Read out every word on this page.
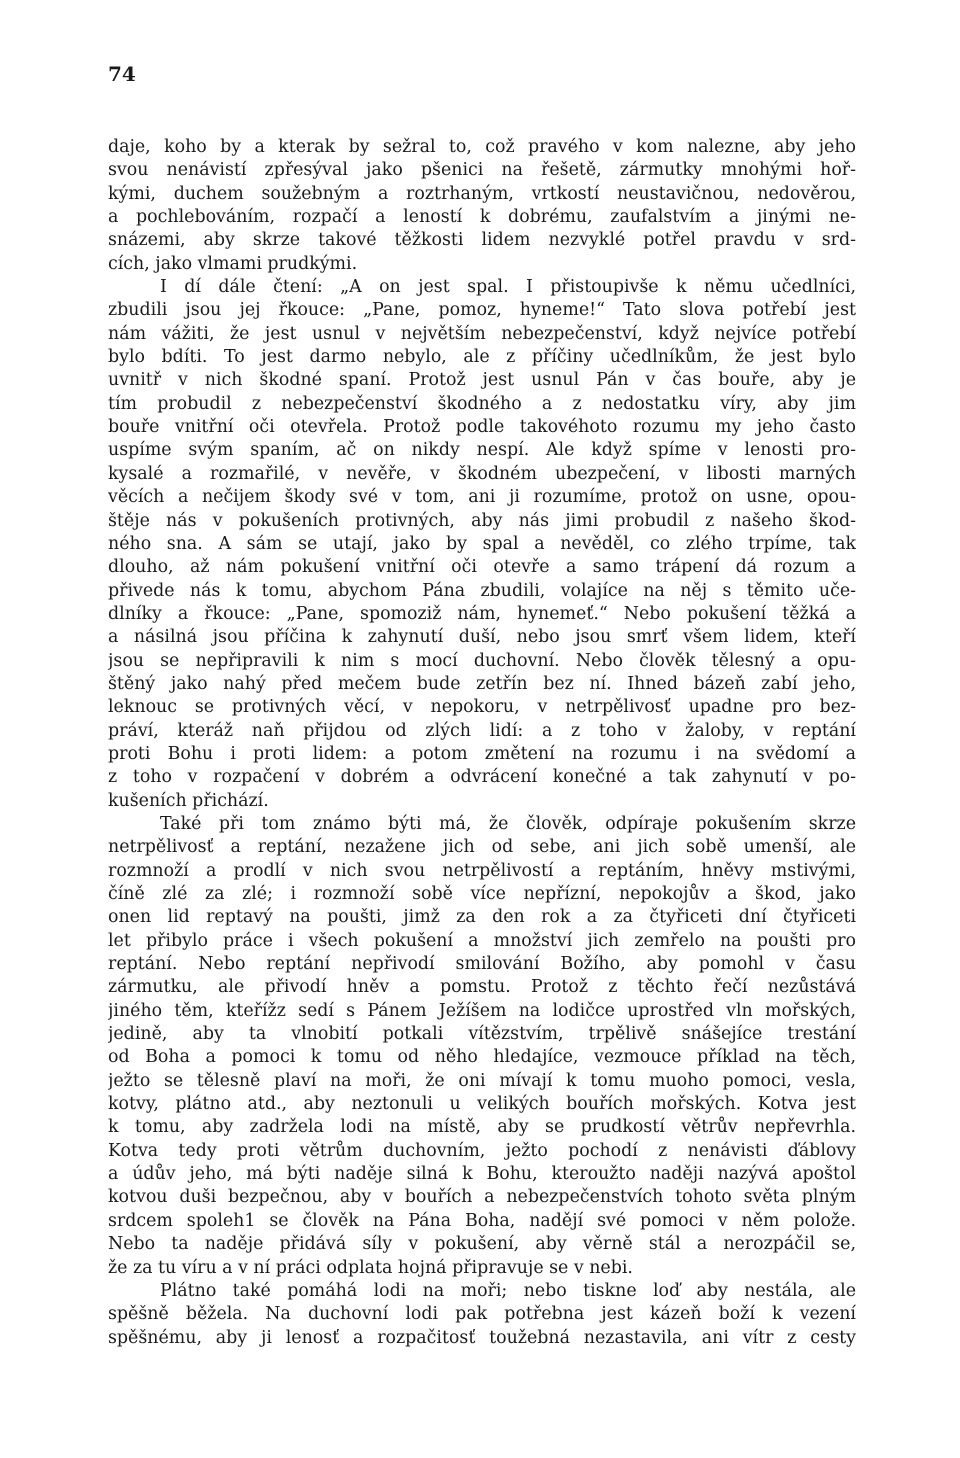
74
daje, koho by a kterak by sežral to, což pravého v kom nalezne, aby jeho
svou nenávistí zpřesýval jako pšenici na řešetě, zármutky mnohými hoř-
kými, duchem soužebným a roztrhaným, vrtkostí neustavičnou, nedověrou,
a pochlebováním, rozpačí a leností k dobrému, zaufalstvím a jinými ne-
snázemi, aby skrze takové těžkosti lidem nezvyklé potřel pravdu v srd-
cích, jako vlmami prudkými.
I dí dále čtení: „A on jest spal. I přistoupivše k němu učedlníci,
zbudili jsou jej řkouce: „Pane, pomoz, hyneme!“ Tato slova potřebí jest
nám vážiti, že jest usnul v největším nebezpečenství, když nejvíce potřebí
bylo bdíti. To jest darmo nebylo, ale z příčiny učedlníkům, že jest bylo
uvnitř v nich škodné spaní. Protož jest usnul Pán v čas bouře, aby je
tím probudil z nebezpečenství škodného a z nedostatku víry, aby jim
bouře vnitřní oči otevřela. Protož podle takovéhoto rozumu my jeho často
uspíme svým spaním, ač on nikdy nespí. Ale když spíme v lenosti pro-
kysalé a rozmařilé, v nevěře, v škodném ubezpečení, v libosti marných
věcích a nečijem škody své v tom, ani ji rozumíme, protož on usne, opou-
štěje nás v pokušeních protivných, aby nás jimi probudil z našeho škod-
ného sna. A sám se utají, jako by spal a nevěděl, co zlého trpíme, tak
dlouho, až nám pokušení vnitřní oči otevře a samo trápení dá rozum a
přivede nás k tomu, abychom Pána zbudili, volajíce na něj s těmito uče-
dlníky a řkouce: „Pane, spomoziž nám, hynemeť.“ Nebo pokušení těžká a
a násilná jsou příčina k zahynutí duší, nebo jsou smrť všem lidem, kteří
jsou se nepřipravili k nim s mocí duchovní. Nebo člověk tělesný a opu-
štěný jako nahý před mečem bude zetřín bez ní. Ihned bázeň zabí jeho,
leknouc se protivných věcí, v nepokoru, v netrpělivosť upadne pro bez-
práví, kteráž naň přijdou od zlých lidí: a z toho v žaloby, v reptání
proti Bohu i proti lidem: a potom změtení na rozumu i na svědomí a
z toho v rozpačení v dobrém a odvrácení konečné a tak zahynutí v po-
kušeních přichází.
Také při tom známo býti má, že člověk, odpíraje pokušením skrze
netrpělivosť a reptání, nezažene jich od sebe, ani jich sobě umenší, ale
rozmnoží a prodlí v nich svou netrpělivostí a reptáním, hněvy mstivými,
číně zlé za zlé; i rozmnoží sobě více nepřízní, nepokojův a škod, jako
onen lid reptavý na poušti, jimž za den rok a za čtyřiceti dní čtyřiceti
let přibylo práce i všech pokušení a množství jich zemřelo na poušti pro
reptání. Nebo reptání nepřivodí smilování Božího, aby pomohl v času
zármutku, ale přivodí hněv a pomstu. Protož z těchto řečí nezůstává
jiného těm, kteřížz sedí s Pánem Ježíšem na lodičce uprostřed vln mořských,
jedině, aby ta vlnobití potkali vítězstvím, trpělivě snášejíce trestání
od Boha a pomoci k tomu od něho hledajíce, vezmouce příklad na těch,
ježto se tělesně plaví na moři, že oni mívají k tomu muoho pomoci, vesla,
kotvy, plátno atd., aby neztonuli u velikých bouřích mořských. Kotva jest
k tomu, aby zadržela lodi na místě, aby se prudkostí větrův nepřevrhla.
Kotva tedy proti větrům duchovním, ježto pochodí z nenávisti ďáblovy
a údův jeho, má býti naděje silná k Bohu, kteroužto naději nazývá apoštol
kotvou duši bezpečnou, aby v bouřích a nebezpečenstvích tohoto světa plným
srdcem spoleh1 se člověk na Pána Boha, nadějí své pomoci v něm polože.
Nebo ta naděje přidává síly v pokušení, aby věrně stál a nerozpáčil se,
že za tu víru a v ní práci odplata hojná připravuje se v nebi.
Plátno také pomáhá lodi na moři; nebo tiskne loď aby nestála, ale
spěšně běžela. Na duchovní lodi pak potřebna jest kázeň boží k vezení
spěšnému, aby ji lenosť a rozpačitosť toužebná nezastavila, ani vítr z cesty
